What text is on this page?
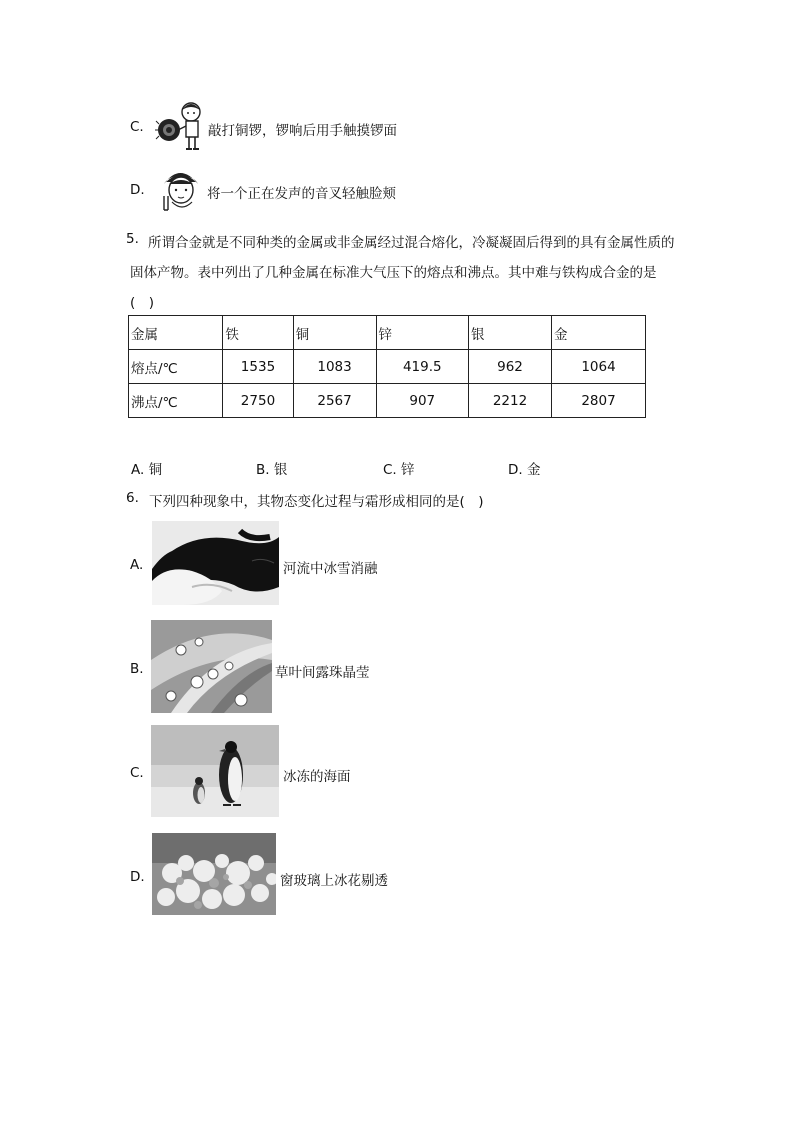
C.	敲打铜锣，锣响后用手触摸锣面
D.	将一个正在发声的音叉轻触脸颊
5. 所谓合金就是不同种类的金属或非金属经过混合熔化，冷凝凝固后得到的具有金属性质的
固体产物。表中列出了几种金属在标准大气压下的熔点和沸点。其中难与铁构成合金的是
(　)
金属	铁	铜	锌	银	金
熔点/℃	1535	1083	419.5	962	1064
沸点/℃	2750	2567	907	2212	2807
A. 铜	B. 银	C. 锌	D. 金
6. 下列四种现象中，其物态变化过程与霜形成相同的是(　)
A.	河流中冰雪消融
B.	草叶间露珠晶莹
C.	冰冻的海面
D.	窗玻璃上冰花剔透
